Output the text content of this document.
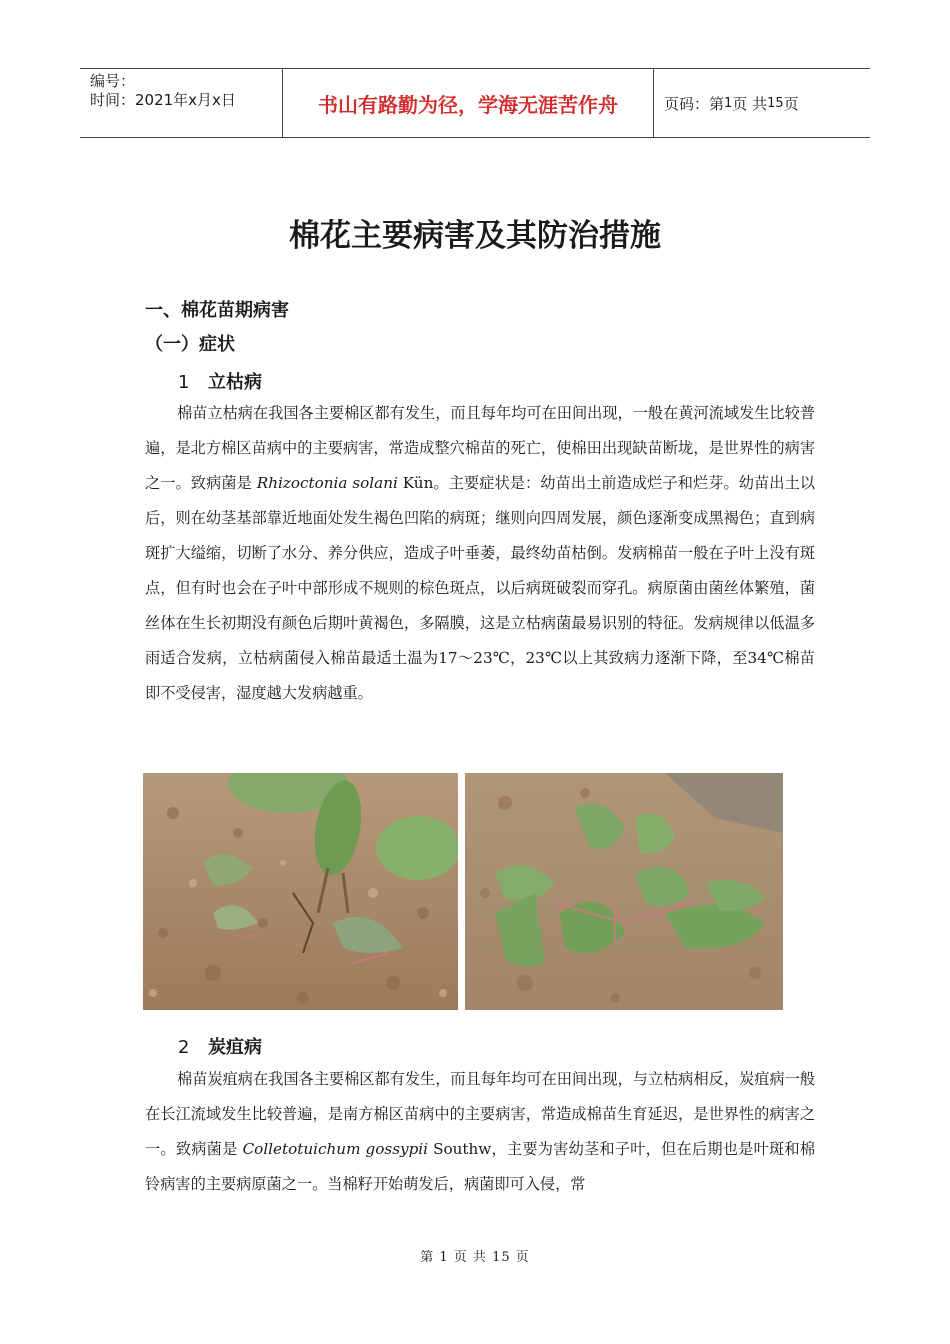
编号：
时间：2021年x月x日	书山有路勤为径，学海无涯苦作舟	页码：第 1 页 共 15 页
棉花主要病害及其防治措施
一、棉花苗期病害
（一）症状
1 立枯病

棉苗立枯病在我国各主要棉区都有发生，而且每年均可在田间出现，一般在黄河流域发生比较普遍，是北方棉区苗病中的主要病害，常造成整穴棉苗的死亡，使棉田出现缺苗断垅，是世界性的病害之一。致病菌是 Rhizoctonia solani Kün。主要症状是：幼苗出土前造成烂子和烂芽。幼苗出土以后，则在幼茎基部靠近地面处发生褐色凹陷的病斑；继则向四周发展，颜色逐渐变成黑褐色；直到病斑扩大缢缩，切断了水分、养分供应，造成子叶垂萎，最终幼苗枯倒。发病棉苗一般在子叶上没有斑点，但有时也会在子叶中部形成不规则的棕色斑点，以后病斑破裂而穿孔。病原菌由菌丝体繁殖，菌丝体在生长初期没有颜色后期叶黄褐色，多隔膜，这是立枯病菌最易识别的特征。发病规律以低温多雨适合发病，立枯病菌侵入棉苗最适土温为17～23℃，23℃以上其致病力逐渐下降，至34℃棉苗即不受侵害，湿度越大发病越重。

2 炭疽病

棉苗炭疽病在我国各主要棉区都有发生，而且每年均可在田间出现，与立枯病相反，炭疽病一般在长江流域发生比较普遍，是南方棉区苗病中的主要病害，常造成棉苗生育延迟，是世界性的病害之一。致病菌是 Colletotuichum gossypii Southw，主要为害幼茎和子叶，但在后期也是叶斑和棉铃病害的主要病原菌之一。当棉籽开始萌发后，病菌即可入侵，常

第 1 页 共 15 页
